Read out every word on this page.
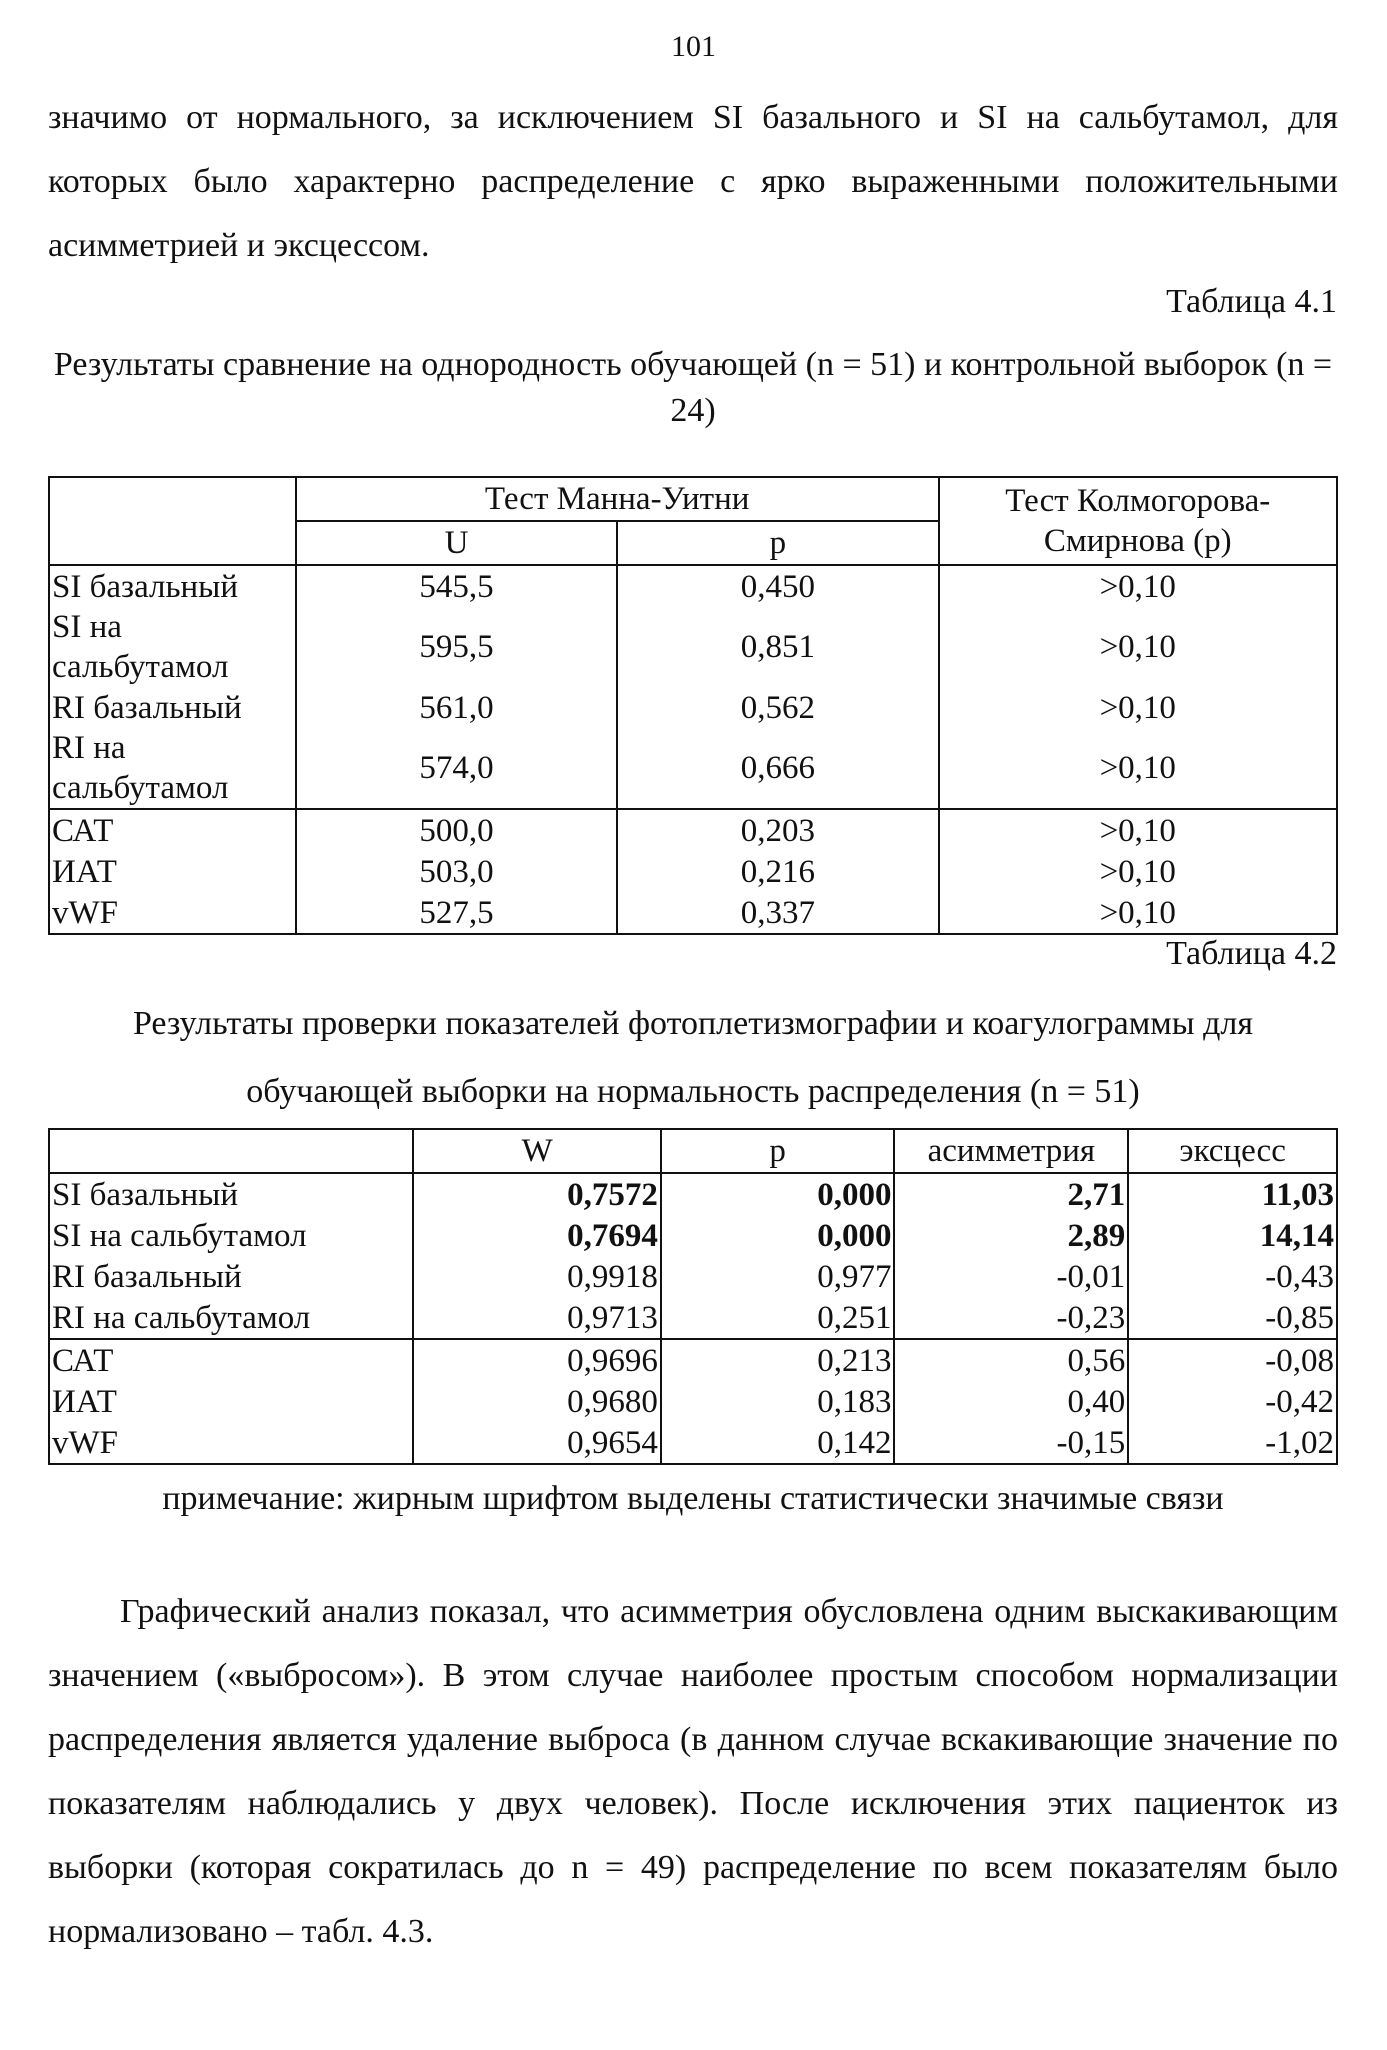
101

значимо от нормального, за исключением SI базального и SI на сальбутамол, для которых было характерно распределение с ярко выраженными положительными асимметрией и эксцессом.

Таблица 4.1
Результаты сравнение на однородность обучающей (n = 51) и контрольной выборок (n = 24)
	Тест Манна-Уитни		Тест Колмогорова-Смирнова (p)
	U	p	
SI базальный	545,5	0,450	>0,10
SI на сальбутамол	595,5	0,851	>0,10
RI базальный	561,0	0,562	>0,10
RI на сальбутамол	574,0	0,666	>0,10
САТ	500,0	0,203	>0,10
ИАТ	503,0	0,216	>0,10
vWF	527,5	0,337	>0,10
Таблица 4.2
Результаты проверки показателей фотоплетизмографии и коагулограммы для обучающей выборки на нормальность распределения (n = 51)
	W	p	асимметрия	эксцесс
SI базальный	0,7572	0,000	2,71	11,03
SI на сальбутамол	0,7694	0,000	2,89	14,14
RI базальный	0,9918	0,977	-0,01	-0,43
RI на сальбутамол	0,9713	0,251	-0,23	-0,85
САТ	0,9696	0,213	0,56	-0,08
ИАТ	0,9680	0,183	0,40	-0,42
vWF	0,9654	0,142	-0,15	-1,02
примечание: жирным шрифтом выделены статистически значимые связи

Графический анализ показал, что асимметрия обусловлена одним выскакивающим значением («выбросом»). В этом случае наиболее простым способом нормализации распределения является удаление выброса (в данном случае вскакивающие значение по показателям наблюдались у двух человек). После исключения этих пациенток из выборки (которая сократилась до n = 49) распределение по всем показателям было нормализовано – табл. 4.3.
